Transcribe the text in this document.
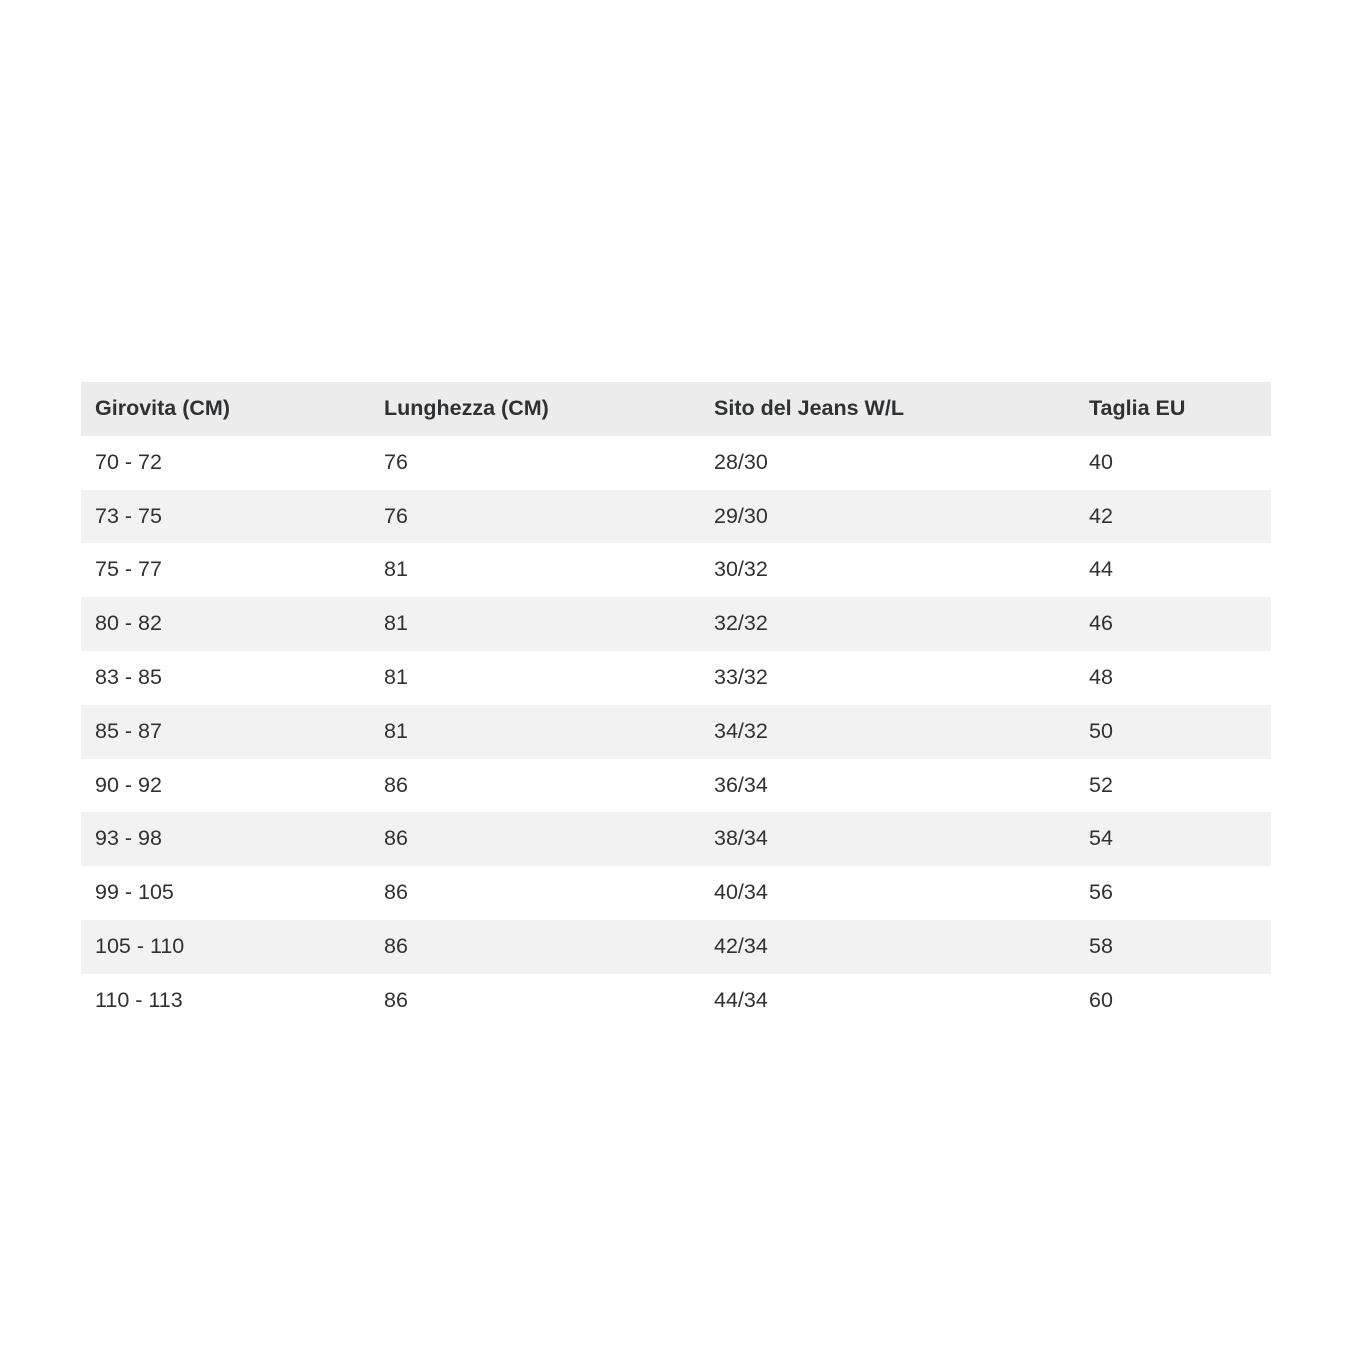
Girovita (CM)	Lunghezza (CM)	Sito del Jeans W/L	Taglia EU
70 - 72	76	28/30	40
73 - 75	76	29/30	42
75 - 77	81	30/32	44
80 - 82	81	32/32	46
83 - 85	81	33/32	48
85 - 87	81	34/32	50
90 - 92	86	36/34	52
93 - 98	86	38/34	54
99 - 105	86	40/34	56
105 - 110	86	42/34	58
110 - 113	86	44/34	60
